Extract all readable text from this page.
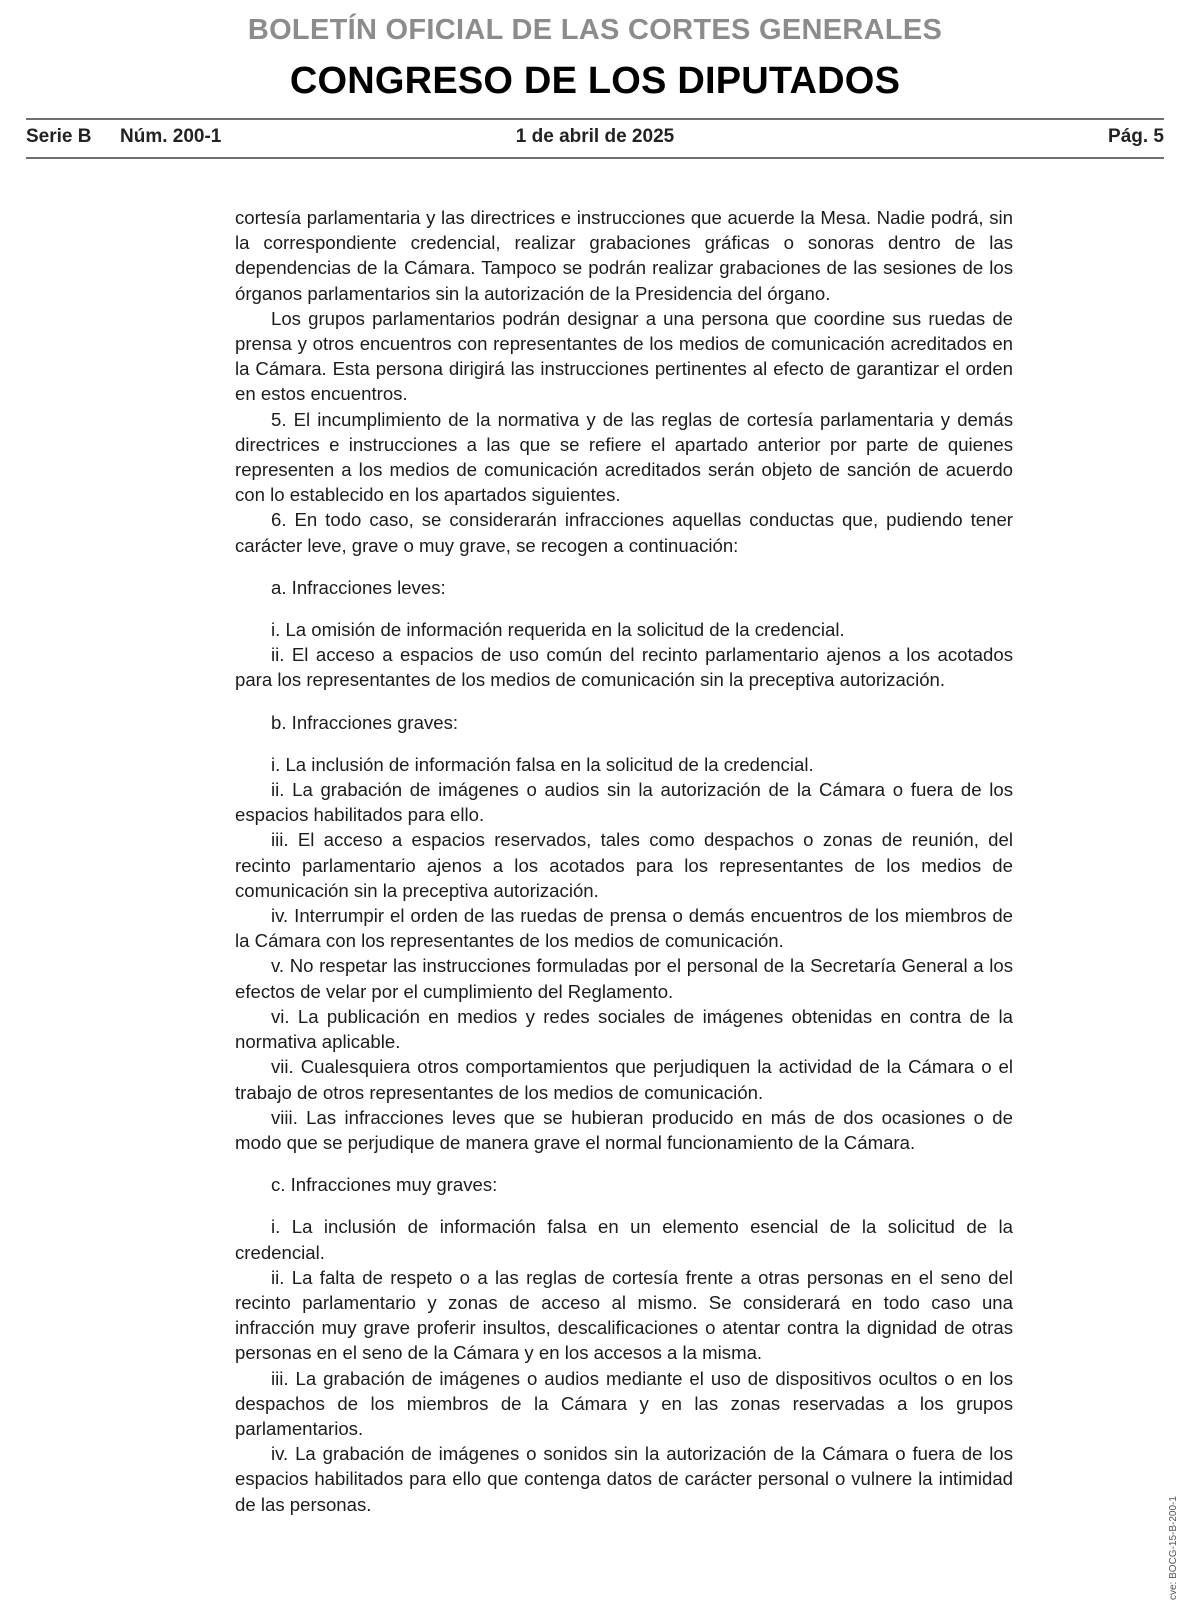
BOLETÍN OFICIAL DE LAS CORTES GENERALES
CONGRESO DE LOS DIPUTADOS
Serie B Núm. 200-1	1 de abril de 2025	Pág. 5

cortesía parlamentaria y las directrices e instrucciones que acuerde la Mesa. Nadie podrá, sin la correspondiente credencial, realizar grabaciones gráficas o sonoras dentro de las dependencias de la Cámara. Tampoco se podrán realizar grabaciones de las sesiones de los órganos parlamentarios sin la autorización de la Presidencia del órgano.

Los grupos parlamentarios podrán designar a una persona que coordine sus ruedas de prensa y otros encuentros con representantes de los medios de comunicación acreditados en la Cámara. Esta persona dirigirá las instrucciones pertinentes al efecto de garantizar el orden en estos encuentros.

5. El incumplimiento de la normativa y de las reglas de cortesía parlamentaria y demás directrices e instrucciones a las que se refiere el apartado anterior por parte de quienes representen a los medios de comunicación acreditados serán objeto de sanción de acuerdo con lo establecido en los apartados siguientes.

6. En todo caso, se considerarán infracciones aquellas conductas que, pudiendo tener carácter leve, grave o muy grave, se recogen a continuación:

a. Infracciones leves:

i. La omisión de información requerida en la solicitud de la credencial.

ii. El acceso a espacios de uso común del recinto parlamentario ajenos a los acotados para los representantes de los medios de comunicación sin la preceptiva autorización.

b. Infracciones graves:

i. La inclusión de información falsa en la solicitud de la credencial.

ii. La grabación de imágenes o audios sin la autorización de la Cámara o fuera de los espacios habilitados para ello.

iii. El acceso a espacios reservados, tales como despachos o zonas de reunión, del recinto parlamentario ajenos a los acotados para los representantes de los medios de comunicación sin la preceptiva autorización.

iv. Interrumpir el orden de las ruedas de prensa o demás encuentros de los miembros de la Cámara con los representantes de los medios de comunicación.

v. No respetar las instrucciones formuladas por el personal de la Secretaría General a los efectos de velar por el cumplimiento del Reglamento.

vi. La publicación en medios y redes sociales de imágenes obtenidas en contra de la normativa aplicable.

vii. Cualesquiera otros comportamientos que perjudiquen la actividad de la Cámara o el trabajo de otros representantes de los medios de comunicación.

viii. Las infracciones leves que se hubieran producido en más de dos ocasiones o de modo que se perjudique de manera grave el normal funcionamiento de la Cámara.

c. Infracciones muy graves:

i. La inclusión de información falsa en un elemento esencial de la solicitud de la credencial.

ii. La falta de respeto o a las reglas de cortesía frente a otras personas en el seno del recinto parlamentario y zonas de acceso al mismo. Se considerará en todo caso una infracción muy grave proferir insultos, descalificaciones o atentar contra la dignidad de otras personas en el seno de la Cámara y en los accesos a la misma.

iii. La grabación de imágenes o audios mediante el uso de dispositivos ocultos o en los despachos de los miembros de la Cámara y en las zonas reservadas a los grupos parlamentarios.

iv. La grabación de imágenes o sonidos sin la autorización de la Cámara o fuera de los espacios habilitados para ello que contenga datos de carácter personal o vulnere la intimidad de las personas.	cve: BOCG-15-B-200-1
